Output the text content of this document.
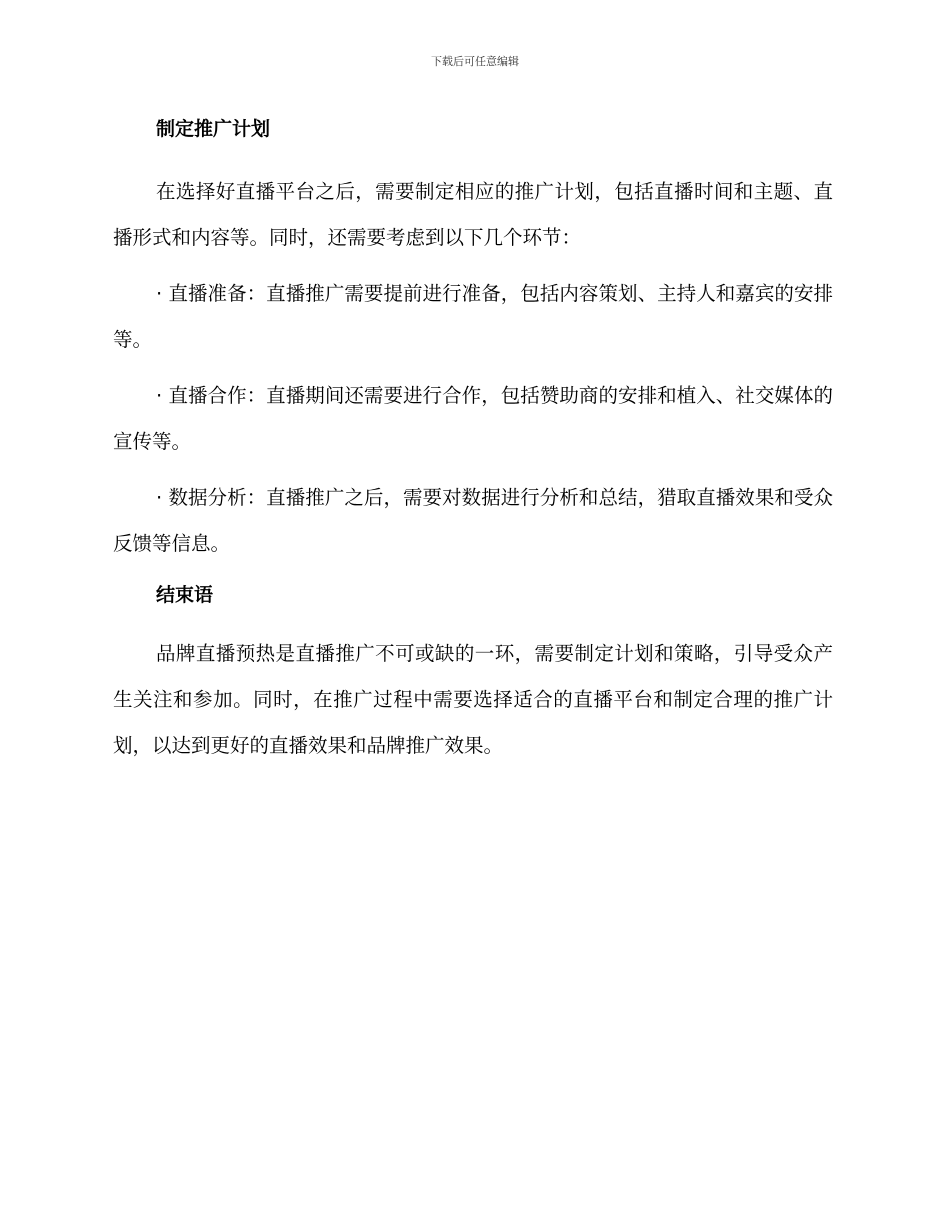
下载后可任意编辑
制定推广计划

在选择好直播平台之后，需要制定相应的推广计划，包括直播时间和主题、直播形式和内容等。同时，还需要考虑到以下几个环节：

· 直播准备：直播推广需要提前进行准备，包括内容策划、主持人和嘉宾的安排等。

· 直播合作：直播期间还需要进行合作，包括赞助商的安排和植入、社交媒体的宣传等。

· 数据分析：直播推广之后，需要对数据进行分析和总结，猎取直播效果和受众反馈等信息。

结束语

品牌直播预热是直播推广不可或缺的一环，需要制定计划和策略，引导受众产生关注和参加。同时，在推广过程中需要选择适合的直播平台和制定合理的推广计划，以达到更好的直播效果和品牌推广效果。
